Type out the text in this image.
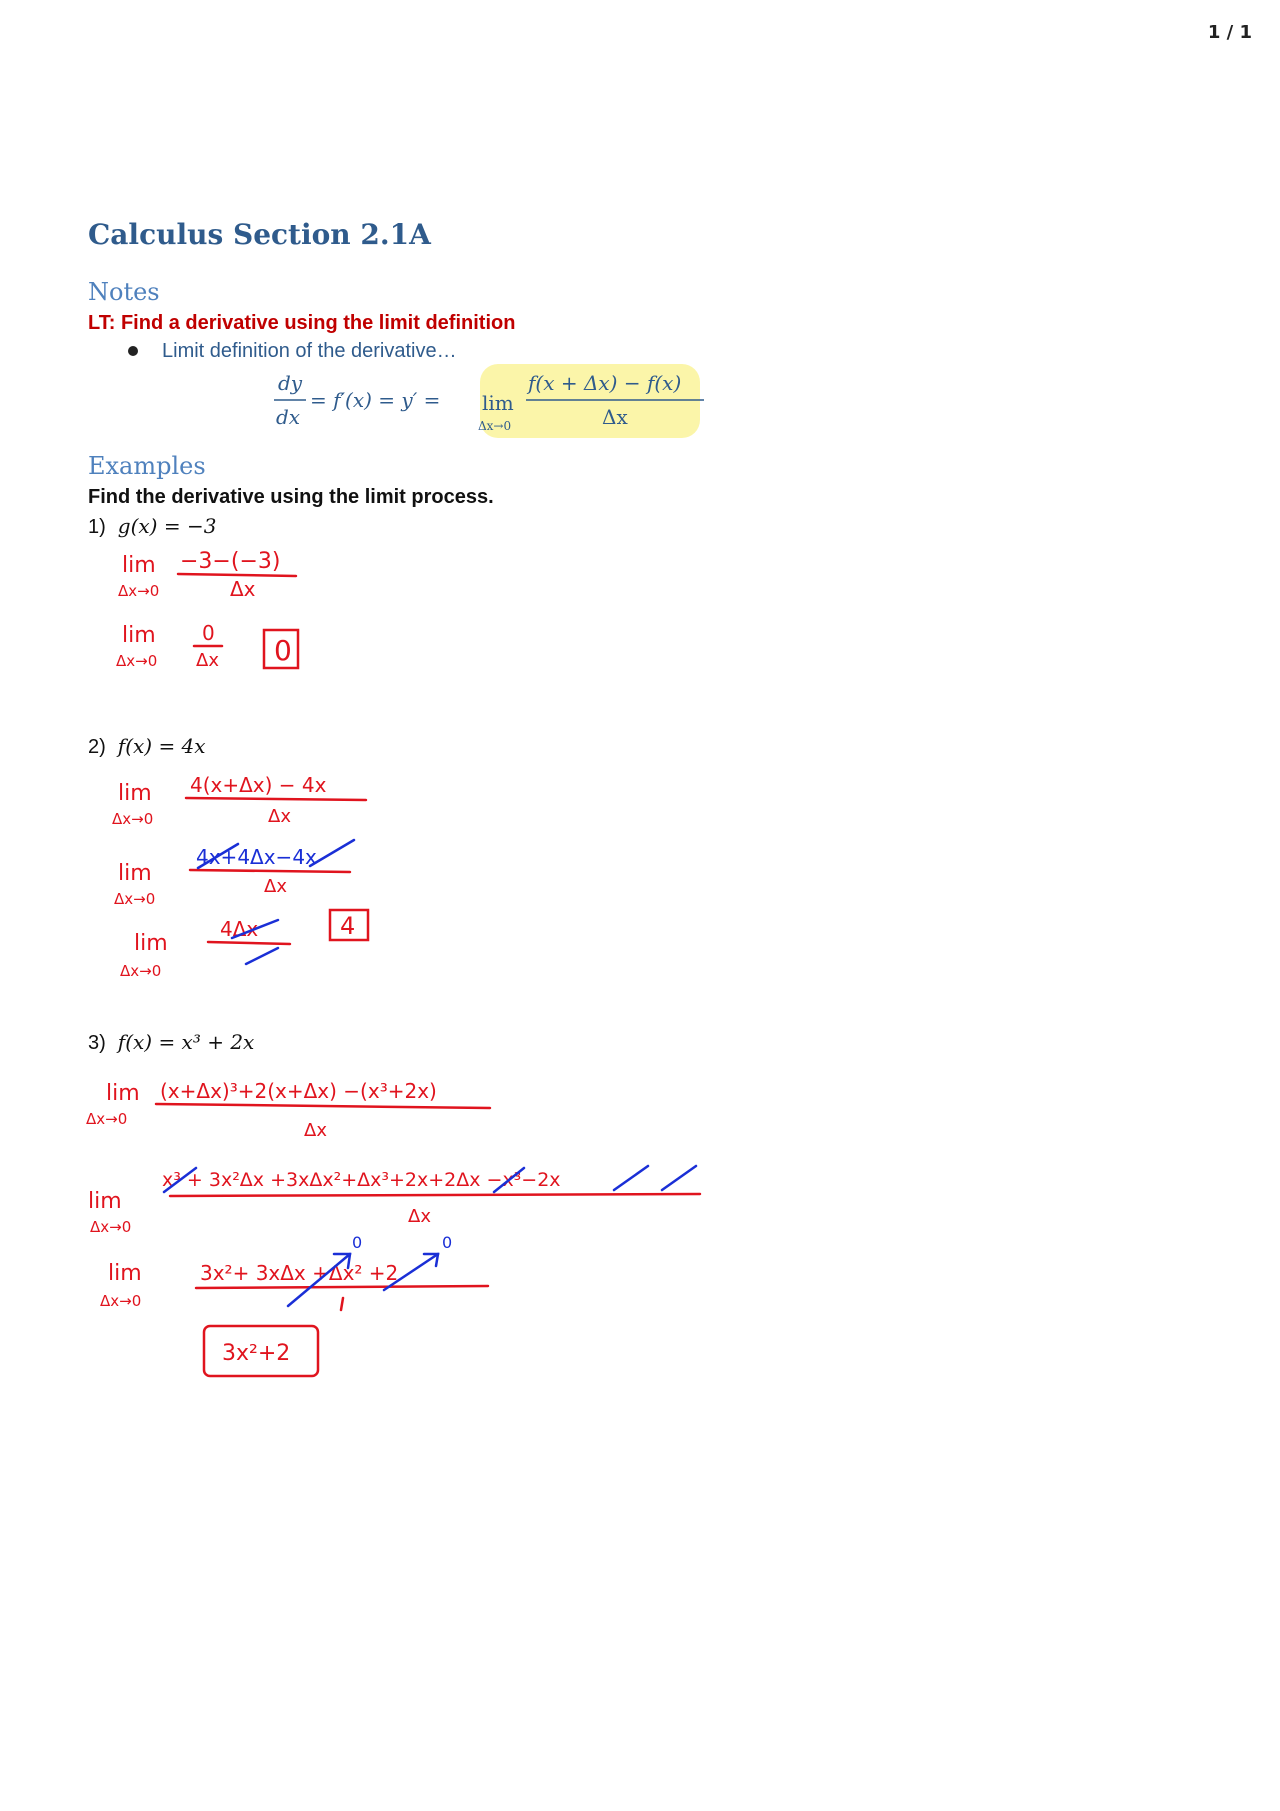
1 / 1
Calculus Section 2.1A
Notes
LT: Find a derivative using the limit definition
Limit definition of the derivative…
dy
dx
= f′(x) = y′ = lim
Δx→0
f(x + Δx) − f(x)
Δx
Examples
Find the derivative using the limit process.
1) g(x) = −3
2) f(x) = 4x
3) f(x) = x³ + 2x
lim
Δx→0
−3−(−3)
Δx
lim
Δx→0
0
Δx 0
lim
Δx→0
4(x+Δx) − 4x
Δx
lim
Δx→0
Δx
lim
Δx→0
4Δx	4
lim
Δx→0
(x+Δx)³+2(x+Δx) −(x³+2x)
Δx
lim
Δx→0
x³ + 3x²Δx +3xΔx²+Δx³+2x+2Δx −x³−2x
Δx
lim
Δx→0
3x²+ 3xΔx +Δx² +2
3x²+2
4x+4Δx−4x
0	0
